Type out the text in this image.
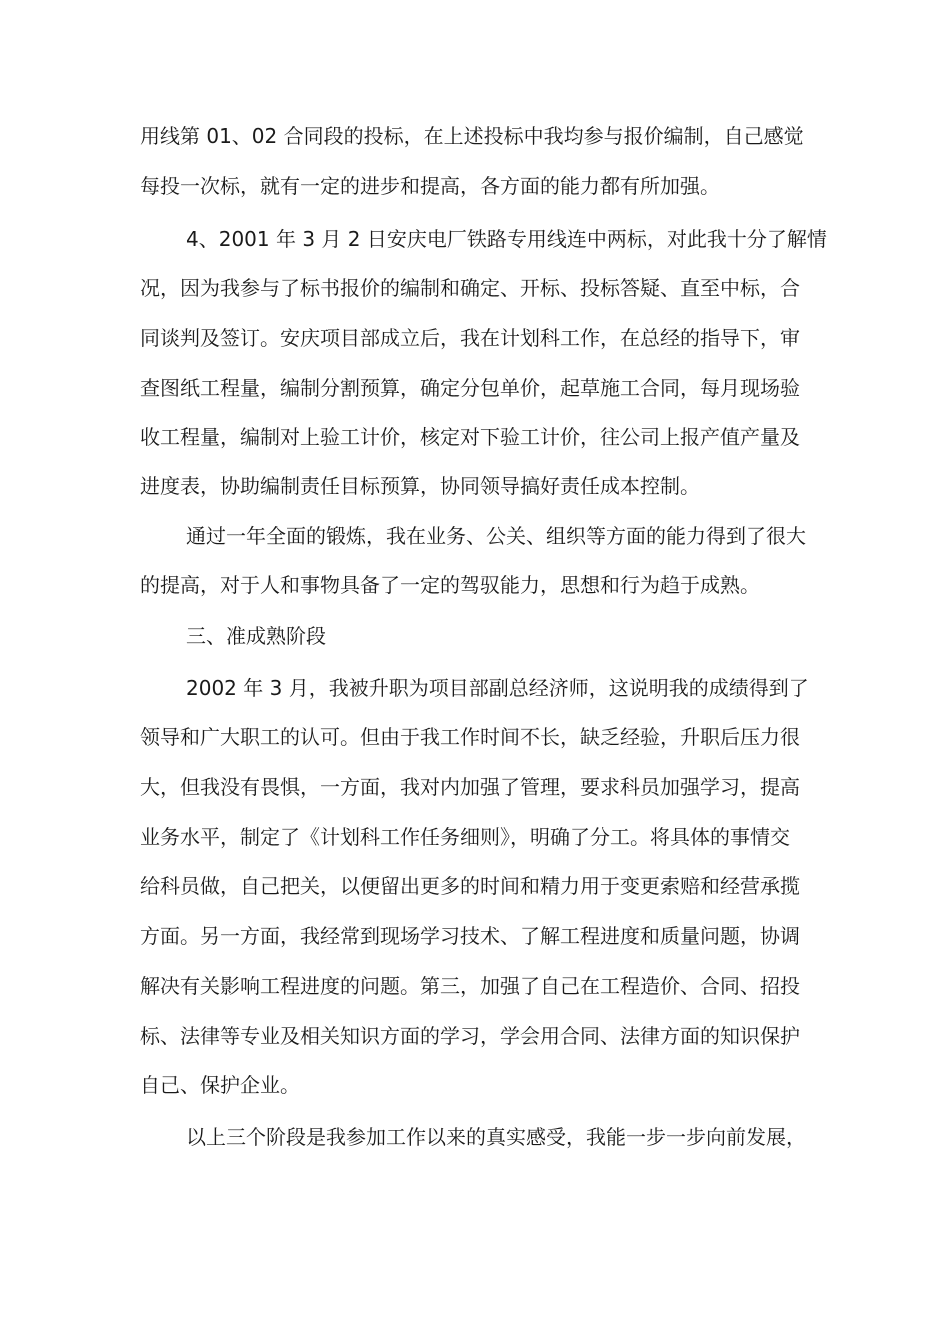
用线第 01、02 合同段的投标，在上述投标中我均参与报价编制，自己感觉

每投一次标，就有一定的进步和提高，各方面的能力都有所加强。

4、2001 年 3 月 2 日安庆电厂铁路专用线连中两标，对此我十分了解情

况，因为我参与了标书报价的编制和确定、开标、投标答疑、直至中标，合

同谈判及签订。安庆项目部成立后，我在计划科工作，在总经的指导下，审

查图纸工程量，编制分割预算，确定分包单价，起草施工合同，每月现场验

收工程量，编制对上验工计价，核定对下验工计价，往公司上报产值产量及

进度表，协助编制责任目标预算，协同领导搞好责任成本控制。

通过一年全面的锻炼，我在业务、公关、组织等方面的能力得到了很大

的提高，对于人和事物具备了一定的驾驭能力，思想和行为趋于成熟。

三、准成熟阶段

2002 年 3 月，我被升职为项目部副总经济师，这说明我的成绩得到了

领导和广大职工的认可。但由于我工作时间不长，缺乏经验，升职后压力很

大，但我没有畏惧，一方面，我对内加强了管理，要求科员加强学习，提高

业务水平，制定了《计划科工作任务细则》，明确了分工。将具体的事情交

给科员做，自己把关，以便留出更多的时间和精力用于变更索赔和经营承揽

方面。另一方面，我经常到现场学习技术、了解工程进度和质量问题，协调

解决有关影响工程进度的问题。第三，加强了自己在工程造价、合同、招投

标、法律等专业及相关知识方面的学习，学会用合同、法律方面的知识保护

自己、保护企业。

以上三个阶段是我参加工作以来的真实感受，我能一步一步向前发展，
